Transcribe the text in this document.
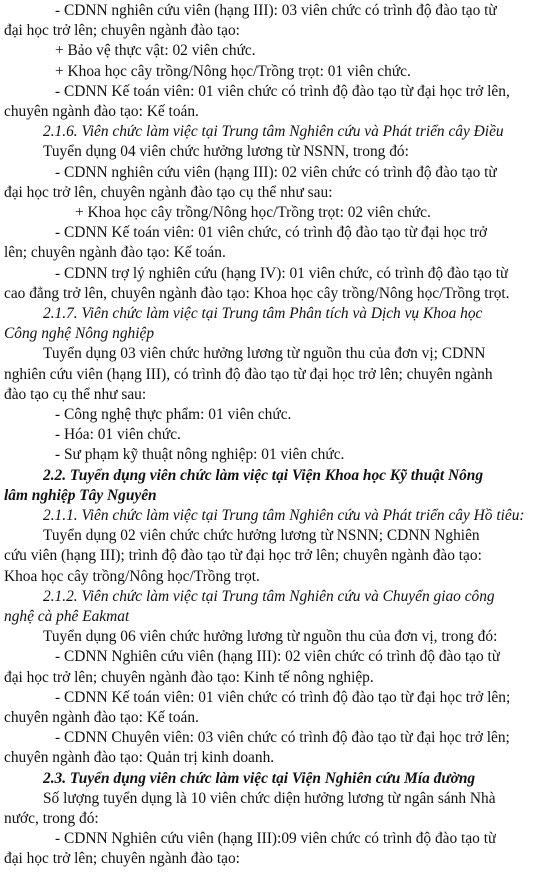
- CDNN nghiên cứu viên (hạng III): 03 viên chức có trình độ đào tạo từ
đại học trở lên; chuyên ngành đào tạo:
+ Bảo vệ thực vật: 02 viên chức.
+ Khoa học cây trồng/Nông học/Trồng trọt: 01 viên chức.
- CDNN Kế toán viên: 01 viên chức có trình độ đào tạo từ đại học trở lên,
chuyên ngành đào tạo: Kế toán.
2.1.6. Viên chức làm việc tại Trung tâm Nghiên cứu và Phát triển cây Điều
Tuyển dụng 04 viên chức hưởng lương từ NSNN, trong đó:
- CDNN nghiên cứu viên (hạng III): 02 viên chức có trình độ đào tạo từ
đại học trở lên, chuyên ngành đào tạo cụ thể như sau:
+ Khoa học cây trồng/Nông học/Trồng trọt: 02 viên chức.
- CDNN Kế toán viên: 01 viên chức, có trình độ đào tạo từ đại học trở
lên; chuyên ngành đào tạo: Kế toán.
- CDNN trợ lý nghiên cứu (hạng IV): 01 viên chức, có trình độ đào tạo từ
cao đẳng trở lên, chuyên ngành đào tạo: Khoa học cây trồng/Nông học/Trồng trọt.
2.1.7. Viên chức làm việc tại Trung tâm Phân tích và Dịch vụ Khoa học
Công nghệ Nông nghiệp
Tuyển dụng 03 viên chức hưởng lương từ nguồn thu của đơn vị; CDNN
nghiên cứu viên (hạng III), có trình độ đào tạo từ đại học trở lên; chuyên ngành
đào tạo cụ thể như sau:
- Công nghệ thực phẩm: 01 viên chức.
- Hóa: 01 viên chức.
- Sư phạm kỹ thuật nông nghiệp: 01 viên chức.
2.2. Tuyển dụng viên chức làm việc tại Viện Khoa học Kỹ thuật Nông
lâm nghiệp Tây Nguyên
2.1.1. Viên chức làm việc tại Trung tâm Nghiên cứu và Phát triển cây Hồ tiêu:
Tuyển dụng 02 viên chức chức hưởng lương từ NSNN; CDNN Nghiên
cứu viên (hạng III); trình độ đào tạo từ đại học trở lên; chuyên ngành đào tạo:
Khoa học cây trồng/Nông học/Trồng trọt.
2.1.2. Viên chức làm việc tại Trung tâm Nghiên cứu và Chuyển giao công
nghệ cà phê Eakmat
Tuyển dụng 06 viên chức hưởng lương từ nguồn thu của đơn vị, trong đó:
- CDNN Nghiên cứu viên (hạng III): 02 viên chức có trình độ đào tạo từ
đại học trở lên; chuyên ngành đào tạo: Kinh tế nông nghiệp.
- CDNN Kế toán viên: 01 viên chức có trình độ đào tạo từ đại học trở lên;
chuyên ngành đào tạo: Kế toán.
- CDNN Chuyên viên: 03 viên chức có trình độ đào tạo từ đại học trở lên;
chuyên ngành đào tạo: Quản trị kinh doanh.
2.3. Tuyển dụng viên chức làm việc tại Viện Nghiên cứu Mía đường
Số lượng tuyển dụng là 10 viên chức diện hưởng lương từ ngân sánh Nhà
nước, trong đó:
- CDNN Nghiên cứu viên (hạng III):09 viên chức có trình độ đào tạo từ
đại học trở lên; chuyên ngành đào tạo:
